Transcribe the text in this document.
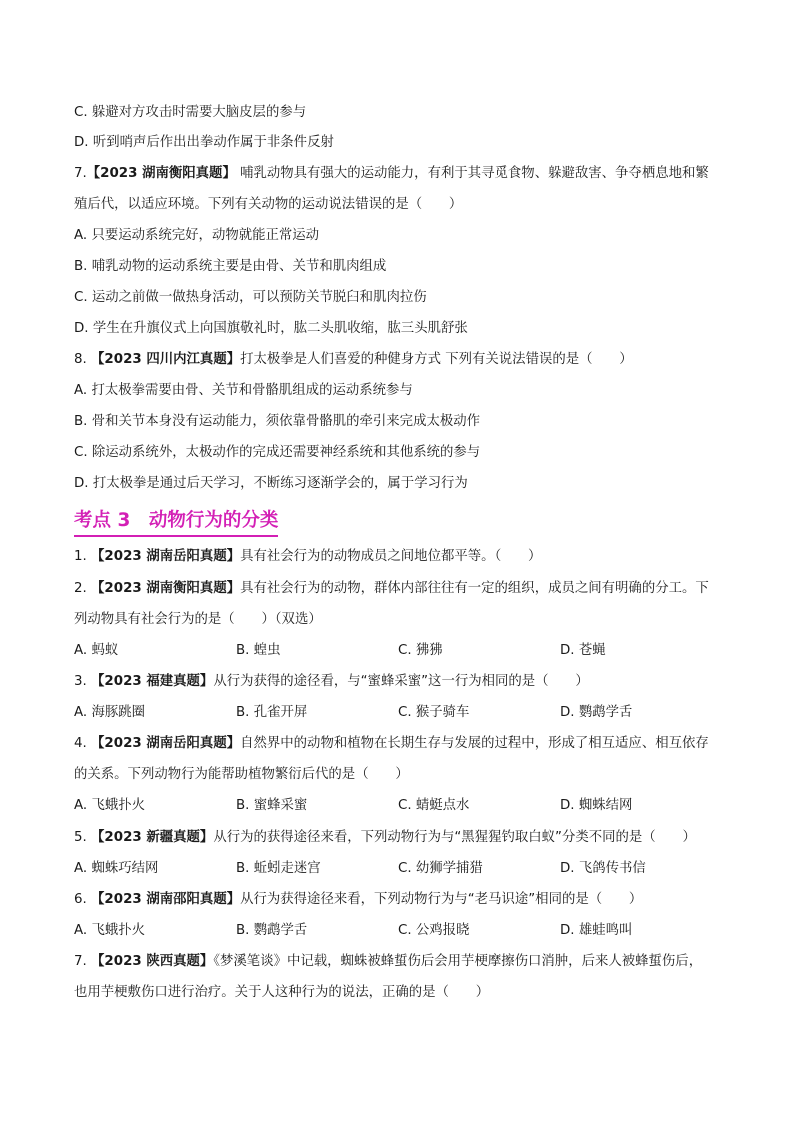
C. 躲避对方攻击时需要大脑皮层的参与
D. 听到哨声后作出出拳动作属于非条件反射
7.【2023 湖南衡阳真题】 哺乳动物具有强大的运动能力，有利于其寻觅食物、躲避敌害、争夺栖息地和繁
殖后代，以适应环境。下列有关动物的运动说法错误的是（　　）
A. 只要运动系统完好，动物就能正常运动
B. 哺乳动物的运动系统主要是由骨、关节和肌肉组成
C. 运动之前做一做热身活动，可以预防关节脱臼和肌肉拉伤
D. 学生在升旗仪式上向国旗敬礼时，肱二头肌收缩，肱三头肌舒张
8. 【2023 四川内江真题】打太极拳是人们喜爱的种健身方式 下列有关说法错误的是（　　）
A. 打太极拳需要由骨、关节和骨骼肌组成的运动系统参与
B. 骨和关节本身没有运动能力，须依靠骨骼肌的牵引来完成太极动作
C. 除运动系统外，太极动作的完成还需要神经系统和其他系统的参与
D. 打太极拳是通过后天学习，不断练习逐渐学会的，属于学习行为
考点 3　动物行为的分类
1. 【2023 湖南岳阳真题】具有社会行为的动物成员之间地位都平等。（　　）
2. 【2023 湖南衡阳真题】具有社会行为的动物，群体内部往往有一定的组织，成员之间有明确的分工。下
列动物具有社会行为的是（　　）（双选）
A. 蚂蚁	B. 蝗虫	C. 狒狒	D. 苍蝇
3. 【2023 福建真题】从行为获得的途径看，与“蜜蜂采蜜”这一行为相同的是（　　）
A. 海豚跳圈	B. 孔雀开屏	C. 猴子骑车	D. 鹦鹉学舌
4. 【2023 湖南岳阳真题】自然界中的动物和植物在长期生存与发展的过程中，形成了相互适应、相互依存
的关系。下列动物行为能帮助植物繁衍后代的是（　　）
A. 飞蛾扑火	B. 蜜蜂采蜜	C. 蜻蜓点水	D. 蜘蛛结网
5. 【2023 新疆真题】从行为的获得途径来看，下列动物行为与“黑猩猩钓取白蚁”分类不同的是（　　）
A. 蜘蛛巧结网	B. 蚯蚓走迷宫	C. 幼狮学捕猎	D. 飞鸽传书信
6. 【2023 湖南邵阳真题】从行为获得途径来看，下列动物行为与“老马识途”相同的是（　　）
A. 飞蛾扑火	B. 鹦鹉学舌	C. 公鸡报晓	D. 雄蛙鸣叫
7. 【2023 陕西真题】《梦溪笔谈》中记载，蜘蛛被蜂蜇伤后会用芋梗摩擦伤口消肿，后来人被蜂蜇伤后，
也用芋梗敷伤口进行治疗。关于人这种行为的说法，正确的是（　　）
